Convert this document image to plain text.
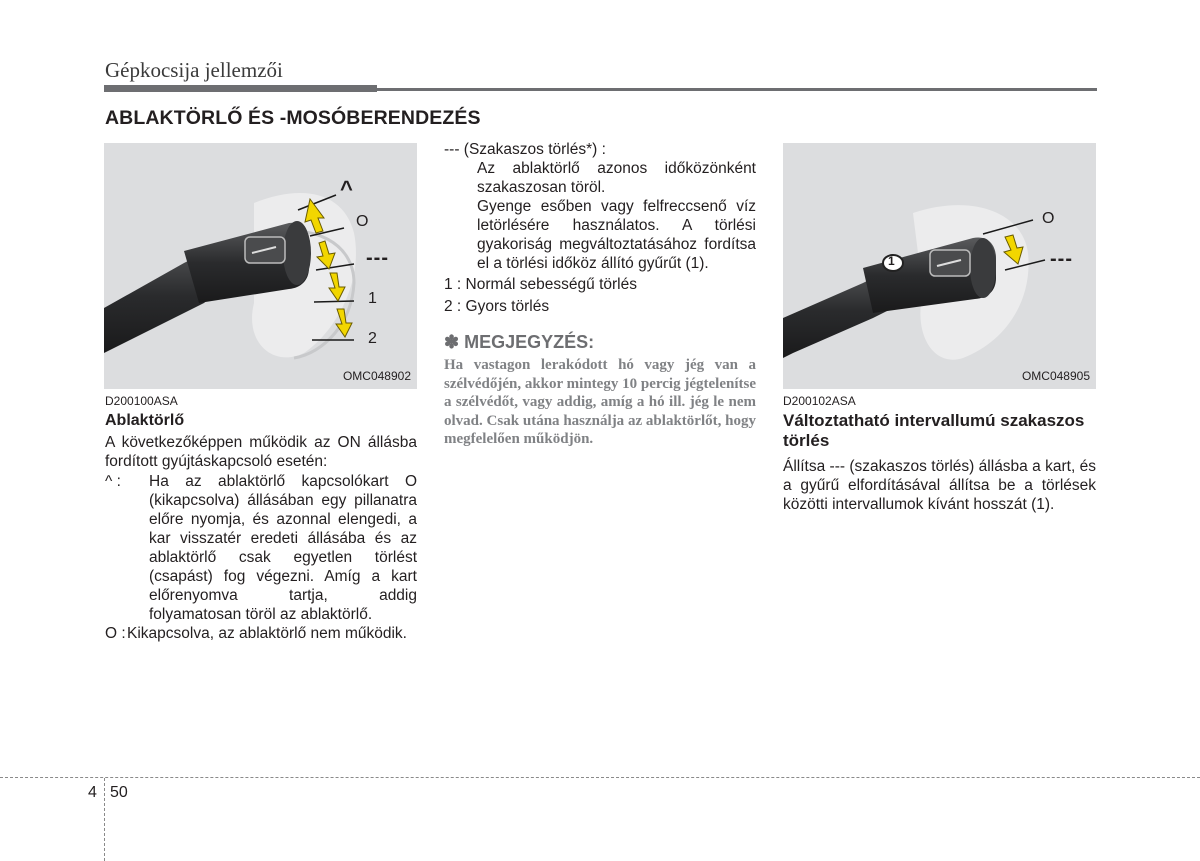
Gépkocsija jellemzői
ABLAKTÖRLŐ ÉS -MOSÓBERENDEZÉS
^
O
---
1
2
OMC048902
1
O
---
OMC048905
D200100ASA
Ablaktörlő
A következőképpen működik az ON állásba fordított gyújtáskapcsoló esetén:
^ :	Ha az ablaktörlő kapcsolókart O (kikapcsolva) állásában egy pillanatra előre nyomja, és azonnal elengedi, a kar visszatér eredeti állásába és az ablaktörlő csak egyetlen törlést (csapást) fog végezni. Amíg a kart előrenyomva tartja, addig folyamatosan töröl az ablaktörlő.
O : Kikapcsolva, az ablaktörlő nem működik.
--- (Szakaszos törlés*) :
Az ablaktörlő azonos időközönként szakaszosan töröl.
Gyenge esőben vagy felfreccsenő víz letörlésére használatos. A törlési gyakoriság megváltoztatásához fordítsa el a törlési időköz állító gyűrűt (1).
1 : Normál sebességű törlés
2 : Gyors törlés
✽ MEGJEGYZÉS:
Ha vastagon lerakódott hó vagy jég van a szélvédőjén, akkor mintegy 10 percig jégtelenítse a szélvédőt, vagy addig, amíg a hó ill. jég le nem olvad. Csak utána használja az ablaktörlőt, hogy megfelelően működjön.
D200102ASA
Változtatható intervallumú szakaszos törlés
Állítsa --- (szakaszos törlés) állásba a kart, és a gyűrű elfordításával állítsa be a törlések közötti intervallumok kívánt hosszát (1).
4 50
